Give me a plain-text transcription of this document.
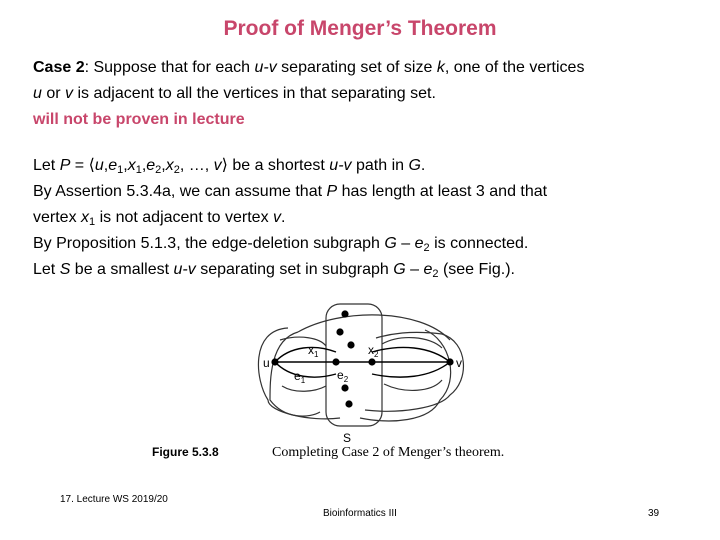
Proof of Menger’s Theorem
Case 2: Suppose that for each u-v separating set of size k, one of the vertices
u or v is adjacent to all the vertices in that separating set.
will not be proven in lecture
Let $P = ⟨u,e_1,x_1,e_2,x_2$, …, v⟩ be a shortest u-v path in G.
By Assertion 5.3.4a, we can assume that P has length at least 3 and that
vertex $x_1$ is not adjacent to vertex v.
By Proposition 5.1.3, the edge-deletion subgraph G – $e_2$ is connected.
Let S be a smallest u-v separating set in subgraph G – $e_2$ (see Fig.).
u	v
$x_1$	$x_2$
$e_1$	$e_2$
S
Figure 5.3.8	Completing Case 2 of Menger’s theorem.
17. Lecture WS 2019/20
Bioinformatics III	39
